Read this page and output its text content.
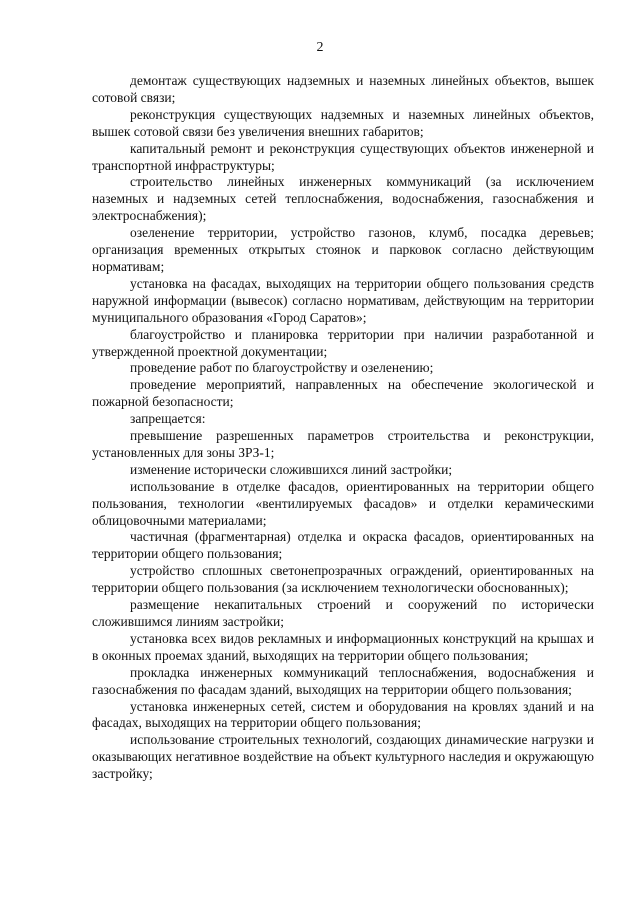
2

демонтаж существующих надземных и наземных линейных объектов, вышек сотовой связи;

реконструкция существующих надземных и наземных линейных объектов, вышек сотовой связи без увеличения внешних габаритов;

капитальный ремонт и реконструкция существующих объектов инженерной и транспортной инфраструктуры;

строительство линейных инженерных коммуникаций (за исключением наземных и надземных сетей теплоснабжения, водоснабжения, газоснабжения и электроснабжения);

озеленение территории, устройство газонов, клумб, посадка деревьев; организация временных открытых стоянок и парковок согласно действующим нормативам;

установка на фасадах, выходящих на территории общего пользования средств наружной информации (вывесок) согласно нормативам, действующим на территории муниципального образования «Город Саратов»;

благоустройство и планировка территории при наличии разработанной и утвержденной проектной документации;

проведение работ по благоустройству и озеленению;

проведение мероприятий, направленных на обеспечение экологической и пожарной безопасности;

запрещается:

превышение разрешенных параметров строительства и реконструкции, установленных для зоны ЗРЗ-1;

изменение исторически сложившихся линий застройки;

использование в отделке фасадов, ориентированных на территории общего пользования, технологии «вентилируемых фасадов» и отделки керамическими облицовочными материалами;

частичная (фрагментарная) отделка и окраска фасадов, ориентированных на территории общего пользования;

устройство сплошных светонепрозрачных ограждений, ориентированных на территории общего пользования (за исключением технологически обоснованных);

размещение некапитальных строений и сооружений по исторически сложившимся линиям застройки;

установка всех видов рекламных и информационных конструкций на крышах и в оконных проемах зданий, выходящих на территории общего пользования;

прокладка инженерных коммуникаций теплоснабжения, водоснабжения и газоснабжения по фасадам зданий, выходящих на территории общего пользования;

установка инженерных сетей, систем и оборудования на кровлях зданий и на фасадах, выходящих на территории общего пользования;

использование строительных технологий, создающих динамические нагрузки и оказывающих негативное воздействие на объект культурного наследия и окружающую застройку;
